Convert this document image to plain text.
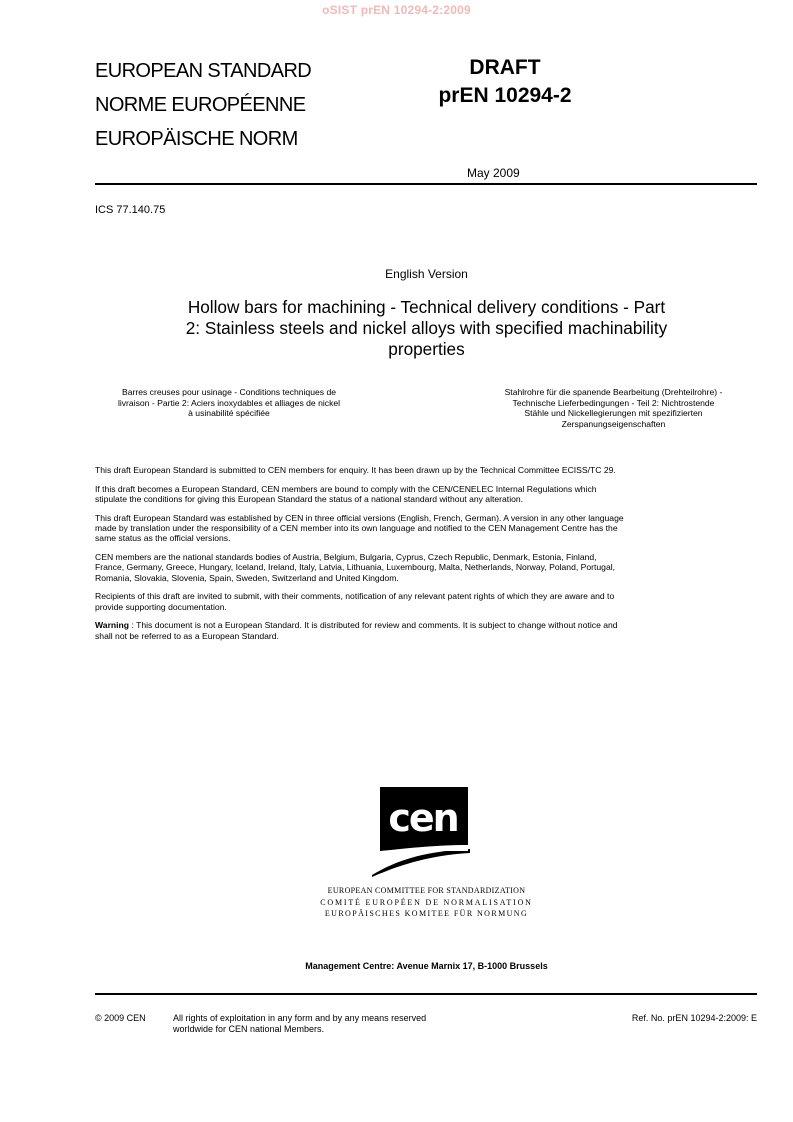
oSIST prEN 10294-2:2009
EUROPEAN STANDARD
NORME EUROPÉENNE
EUROPÄISCHE NORM
DRAFT
prEN 10294-2
May 2009
ICS 77.140.75
English Version
Hollow bars for machining - Technical delivery conditions - Part
2: Stainless steels and nickel alloys with specified machinability
properties
Barres creuses pour usinage - Conditions techniques de
livraison - Partie 2: Aciers inoxydables et alliages de nickel
à usinabilité spécifiée
Stahlrohre für die spanende Bearbeitung (Drehteilrohre) -
Technische Lieferbedingungen - Teil 2: Nichtrostende
Stähle und Nickellegierungen mit spezifizierten
Zerspanungseigenschaften

This draft European Standard is submitted to CEN members for enquiry. It has been drawn up by the Technical Committee ECISS/TC 29.

If this draft becomes a European Standard, CEN members are bound to comply with the CEN/CENELEC Internal Regulations which
stipulate the conditions for giving this European Standard the status of a national standard without any alteration.

This draft European Standard was established by CEN in three official versions (English, French, German). A version in any other language
made by translation under the responsibility of a CEN member into its own language and notified to the CEN Management Centre has the
same status as the official versions.

CEN members are the national standards bodies of Austria, Belgium, Bulgaria, Cyprus, Czech Republic, Denmark, Estonia, Finland,
France, Germany, Greece, Hungary, Iceland, Ireland, Italy, Latvia, Lithuania, Luxembourg, Malta, Netherlands, Norway, Poland, Portugal,
Romania, Slovakia, Slovenia, Spain, Sweden, Switzerland and United Kingdom.

Recipients of this draft are invited to submit, with their comments, notification of any relevant patent rights of which they are aware and to
provide supporting documentation.

Warning : This document is not a European Standard. It is distributed for review and comments. It is subject to change without notice and
shall not be referred to as a European Standard.

cen
EUROPEAN COMMITTEE FOR STANDARDIZATION
COMITÉ EUROPÉEN DE NORMALISATION
EUROPÄISCHES KOMITEE FÜR NORMUNG
Management Centre: Avenue Marnix 17, B-1000 Brussels
© 2009 CEN	All rights of exploitation in any form and by any means reserved
worldwide for CEN national Members.
Ref. No. prEN 10294-2:2009: E
